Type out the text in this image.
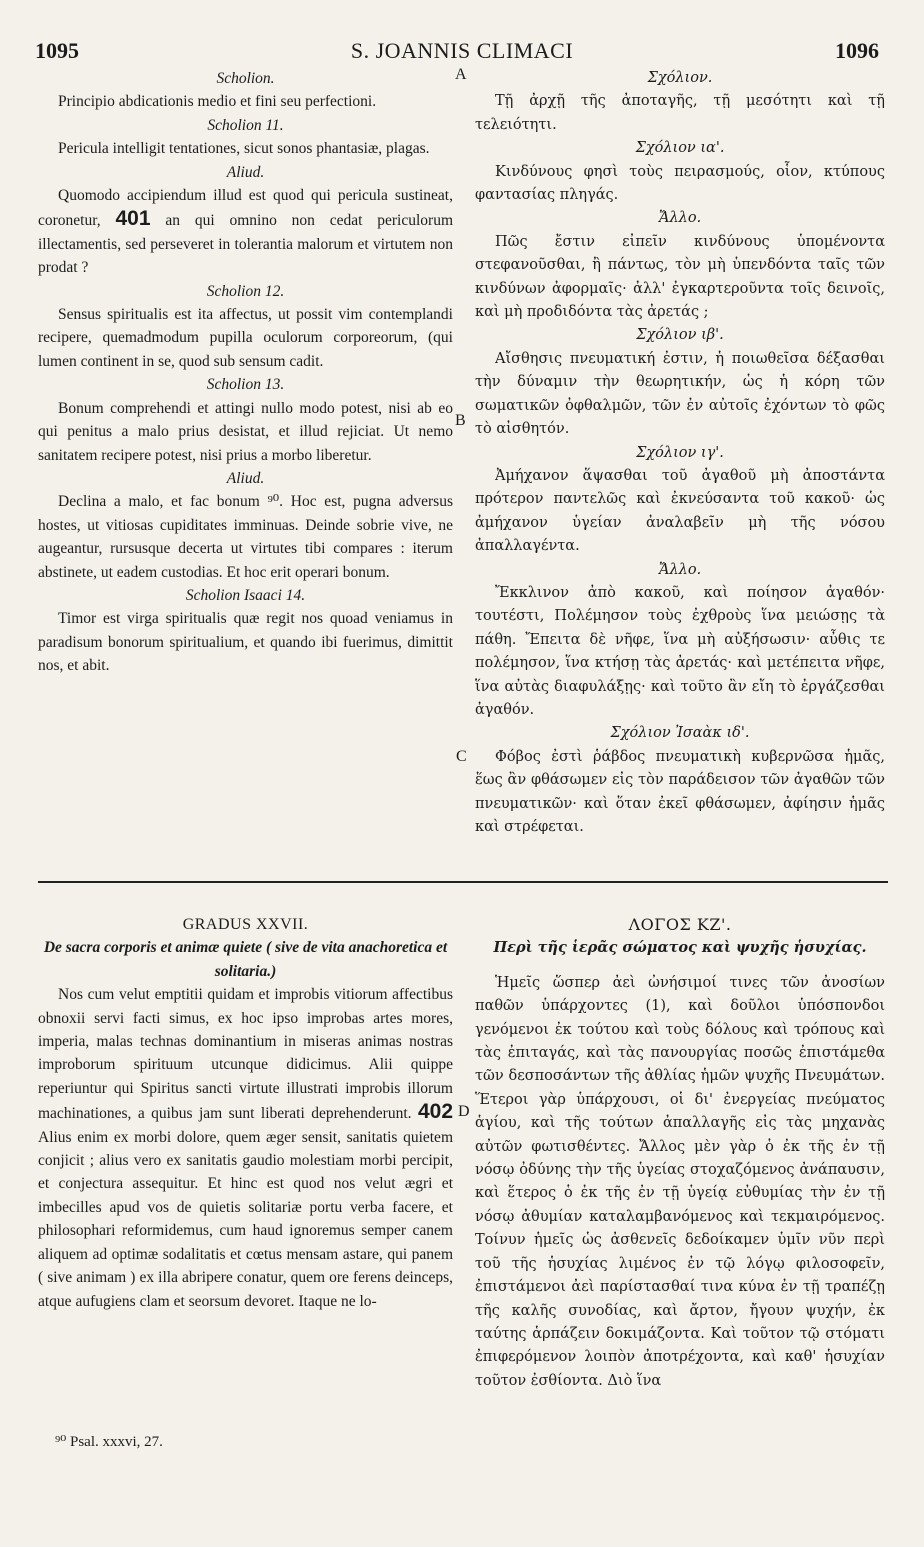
1095	S. JOANNIS CLIMACI	1096
A
B
C
D

Scholion.

Principio abdicationis medio et fini seu perfectioni.

Scholion 11.

Pericula intelligit tentationes, sicut sonos phantasiæ, plagas.

Aliud.

Quomodo accipiendum illud est quod qui pericula sustineat, coronetur, 401 an qui omnino non cedat periculorum illectamentis, sed perseveret in tolerantia malorum et virtutem non prodat ?

Scholion 12.

Sensus spiritualis est ita affectus, ut possit vim contemplandi recipere, quemadmodum pupilla oculorum corporeorum, (qui lumen continent in se, quod sub sensum cadit.

Scholion 13.

Bonum comprehendi et attingi nullo modo potest, nisi ab eo qui penitus a malo prius desistat, et illud rejiciat. Ut nemo sanitatem recipere potest, nisi prius a morbo liberetur.

Aliud.

Declina a malo, et fac bonum ⁹⁰. Hoc est, pugna adversus hostes, ut vitiosas cupiditates imminuas. Deinde sobrie vive, ne augeantur, rursusque decerta ut virtutes tibi compares : iterum abstinete, ut eadem custodias. Et hoc erit operari bonum.

Scholion Isaaci 14.

Timor est virga spiritualis quæ regit nos quoad veniamus in paradisum bonorum spiritualium, et quando ibi fuerimus, dimittit nos, et abit.

Σχόλιον.

Τῇ ἀρχῇ τῆς ἀποταγῆς, τῇ μεσότητι καὶ τῇ τελειότητι.

Σχόλιον ια'.

Κινδύνους φησὶ τοὺς πειρασμούς, οἷον, κτύπους φαντασίας πληγάς.

Ἄλλο.

Πῶς ἔστιν εἰπεῖν κινδύνους ὑπομένοντα στεφανοῦσθαι, ἢ πάντως, τὸν μὴ ὑπενδόντα ταῖς τῶν κινδύνων ἀφορμαῖς· ἀλλ' ἐγκαρτεροῦντα τοῖς δεινοῖς, καὶ μὴ προδιδόντα τὰς ἀρετάς ;

Σχόλιον ιβ'.

Αἴσθησις πνευματική ἐστιν, ἡ ποιωθεῖσα δέξασθαι τὴν δύναμιν τὴν θεωρητικήν, ὡς ἡ κόρη τῶν σωματικῶν ὀφθαλμῶν, τῶν ἐν αὐτοῖς ἐχόντων τὸ φῶς τὸ αἰσθητόν.

Σχόλιον ιγ'.

Ἀμήχανον ἅψασθαι τοῦ ἀγαθοῦ μὴ ἀποστάντα πρότερον παντελῶς καὶ ἐκνεύσαντα τοῦ κακοῦ· ὡς ἀμήχανον ὑγείαν ἀναλαβεῖν μὴ τῆς νόσου ἀπαλλαγέντα.

Ἄλλο.

Ἔκκλινον ἀπὸ κακοῦ, καὶ ποίησον ἀγαθόν· τουτέστι, Πολέμησον τοὺς ἐχθροὺς ἵνα μειώσῃς τὰ πάθη. Ἔπειτα δὲ νῆφε, ἵνα μὴ αὐξήσωσιν· αὖθις τε πολέμησον, ἵνα κτήσῃ τὰς ἀρετάς· καὶ μετέπειτα νῆφε, ἵνα αὐτὰς διαφυλάξῃς· καὶ τοῦτο ἂν εἴη τὸ ἐργάζεσθαι ἀγαθόν.

Σχόλιον Ἰσαὰκ ιδ'.

Φόβος ἐστὶ ῥάβδος πνευματικὴ κυβερνῶσα ἡμᾶς, ἕως ἂν φθάσωμεν εἰς τὸν παράδεισον τῶν ἀγαθῶν τῶν πνευματικῶν· καὶ ὅταν ἐκεῖ φθάσωμεν, ἀφίησιν ἡμᾶς καὶ στρέφεται.

GRADUS XXVII.

De sacra corporis et animæ quiete ( sive de vita anachoretica et solitaria.)

Nos cum velut emptitii quidam et improbis vitiorum affectibus obnoxii servi facti simus, ex hoc ipso improbas artes mores, imperia, malas technas dominantium in miseras animas nostras improborum spirituum utcunque didicimus. Alii quippe reperiuntur qui Spiritus sancti virtute illustrati improbis illorum machinationes, a quibus jam sunt liberati deprehenderunt. 402 Alius enim ex morbi dolore, quem æger sensit, sanitatis quietem conjicit ; alius vero ex sanitatis gaudio molestiam morbi percipit, et conjectura assequitur. Et hinc est quod nos velut ægri et imbecilles apud vos de quietis solitariæ portu verba facere, et philosophari reformidemus, cum haud ignoremus semper canem aliquem ad optimæ sodalitatis et cœtus mensam astare, qui panem ( sive animam ) ex illa abripere conatur, quem ore ferens deinceps, atque aufugiens clam et seorsum devoret. Itaque ne lo-

ΛΟΓΟΣ ΚΖ'.

Περὶ τῆς ἱερᾶς σώματος καὶ ψυχῆς ἡσυχίας.

Ἡμεῖς ὥσπερ ἀεὶ ὠνήσιμοί τινες τῶν ἀνοσίων παθῶν ὑπάρχοντες (1), καὶ δοῦλοι ὑπόσπονδοι γενόμενοι ἐκ τούτου καὶ τοὺς δόλους καὶ τρόπους καὶ τὰς ἐπιταγάς, καὶ τὰς πανουργίας ποσῶς ἐπιστάμεθα τῶν δεσποσάντων τῆς ἀθλίας ἡμῶν ψυχῆς Πνευμάτων. Ἕτεροι γὰρ ὑπάρχουσι, οἱ δι' ἐνεργείας πνεύματος ἁγίου, καὶ τῆς τούτων ἀπαλλαγῆς εἰς τὰς μηχανὰς αὐτῶν φωτισθέντες. Ἄλλος μὲν γὰρ ὁ ἐκ τῆς ἐν τῇ νόσῳ ὀδύνης τὴν τῆς ὑγείας στοχαζόμενος ἀνάπαυσιν, καὶ ἕτερος ὁ ἐκ τῆς ἐν τῇ ὑγείᾳ εὐθυμίας τὴν ἐν τῇ νόσῳ ἀθυμίαν καταλαμβανόμενος καὶ τεκμαιρόμενος. Τοίνυν ἡμεῖς ὡς ἀσθενεῖς δεδοίκαμεν ὑμῖν νῦν περὶ τοῦ τῆς ἡσυχίας λιμένος ἐν τῷ λόγῳ φιλοσοφεῖν, ἐπιστάμενοι ἀεὶ παρίστασθαί τινα κύνα ἐν τῇ τραπέζῃ τῆς καλῆς συνοδίας, καὶ ἄρτον, ἤγουν ψυχήν, ἐκ ταύτης ἁρπάζειν δοκιμάζοντα. Καὶ τοῦτον τῷ στόματι ἐπιφερόμενον λοιπὸν ἀποτρέχοντα, καὶ καθ' ἡσυχίαν τοῦτον ἐσθίοντα. Διὸ ἵνα

⁹⁰ Psal. xxxvi, 27.
